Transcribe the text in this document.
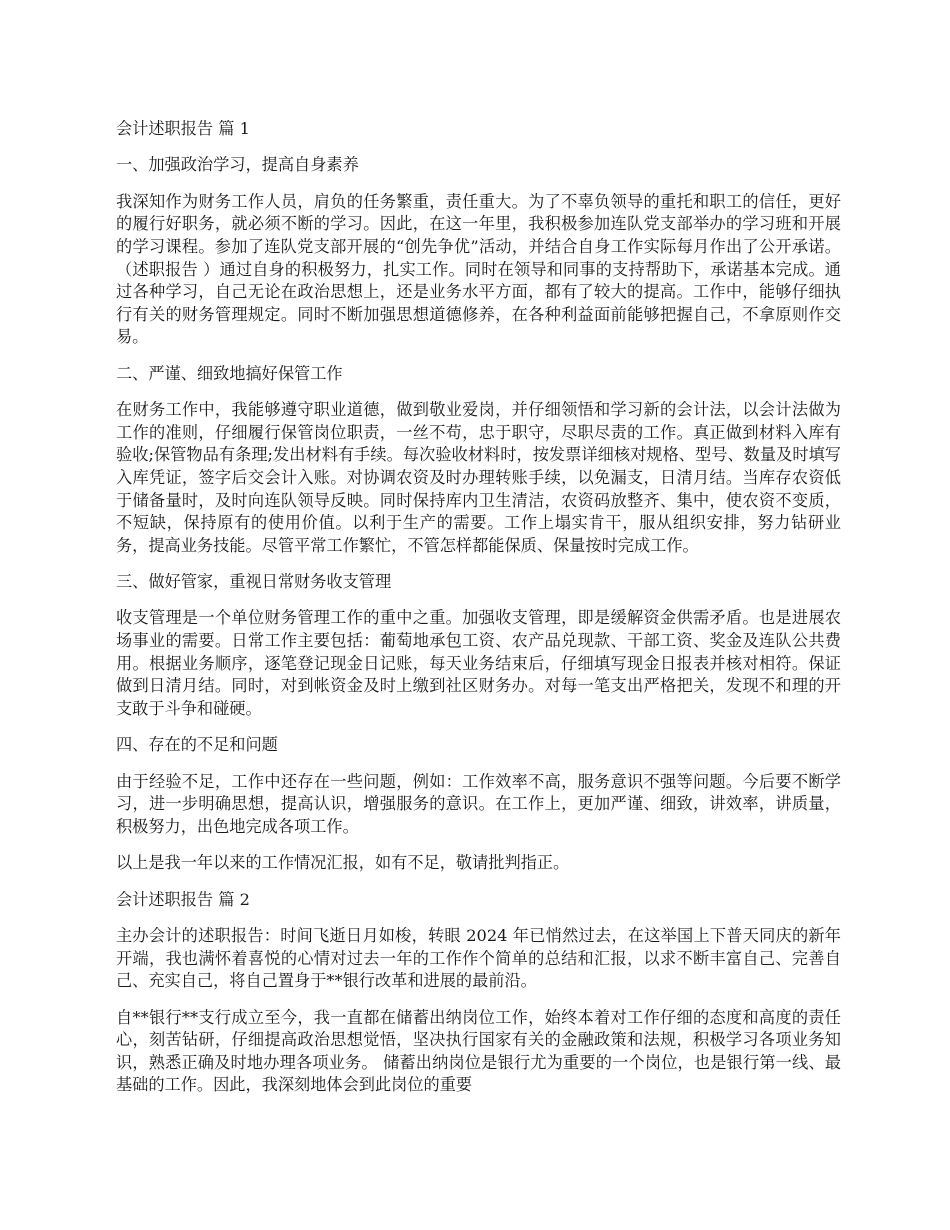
会计述职报告 篇 1

一、加强政治学习，提高自身素养

我深知作为财务工作人员，肩负的任务繁重，责任重大。为了不辜负领导的重托和职工的信任，更好的履行好职务，就必须不断的学习。因此，在这一年里，我积极参加连队党支部举办的学习班和开展的学习课程。参加了连队党支部开展的“创先争优”活动，并结合自身工作实际每月作出了公开承诺。（述职报告 ）通过自身的积极努力，扎实工作。同时在领导和同事的支持帮助下，承诺基本完成。通过各种学习，自己无论在政治思想上，还是业务水平方面，都有了较大的提高。工作中，能够仔细执行有关的财务管理规定。同时不断加强思想道德修养，在各种利益面前能够把握自己，不拿原则作交易。

二、严谨、细致地搞好保管工作

在财务工作中，我能够遵守职业道德，做到敬业爱岗，并仔细领悟和学习新的会计法，以会计法做为工作的准则，仔细履行保管岗位职责，一丝不苟，忠于职守，尽职尽责的工作。真正做到材料入库有验收;保管物品有条理;发出材料有手续。每次验收材料时，按发票详细核对规格、型号、数量及时填写入库凭证，签字后交会计入账。对协调农资及时办理转账手续，以免漏支，日清月结。当库存农资低于储备量时，及时向连队领导反映。同时保持库内卫生清洁，农资码放整齐、集中，使农资不变质，不短缺，保持原有的使用价值。以利于生产的需要。工作上塌实肯干，服从组织安排，努力钻研业务，提高业务技能。尽管平常工作繁忙，不管怎样都能保质、保量按时完成工作。

三、做好管家，重视日常财务收支管理

收支管理是一个单位财务管理工作的重中之重。加强收支管理，即是缓解资金供需矛盾。也是进展农场事业的需要。日常工作主要包括：葡萄地承包工资、农产品兑现款、干部工资、奖金及连队公共费用。根据业务顺序，逐笔登记现金日记账，每天业务结束后，仔细填写现金日报表并核对相符。保证做到日清月结。同时，对到帐资金及时上缴到社区财务办。对每一笔支出严格把关，发现不和理的开支敢于斗争和碰硬。

四、存在的不足和问题

由于经验不足，工作中还存在一些问题，例如：工作效率不高，服务意识不强等问题。今后要不断学习，进一步明确思想，提高认识，增强服务的意识。在工作上，更加严谨、细致，讲效率，讲质量，积极努力，出色地完成各项工作。

以上是我一年以来的工作情况汇报，如有不足，敬请批判指正。

会计述职报告 篇 2

主办会计的述职报告：时间飞逝日月如梭，转眼 2024 年已悄然过去，在这举国上下普天同庆的新年开端，我也满怀着喜悦的心情对过去一年的工作作个简单的总结和汇报，以求不断丰富自己、完善自己、充实自己，将自己置身于**银行改革和进展的最前沿。

自**银行**支行成立至今，我一直都在储蓄出纳岗位工作，始终本着对工作仔细的态度和高度的责任心，刻苦钻研，仔细提高政治思想觉悟，坚决执行国家有关的金融政策和法规，积极学习各项业务知识，熟悉正确及时地办理各项业务。 储蓄出纳岗位是银行尤为重要的一个岗位，也是银行第一线、最基础的工作。因此，我深刻地体会到此岗位的重要
